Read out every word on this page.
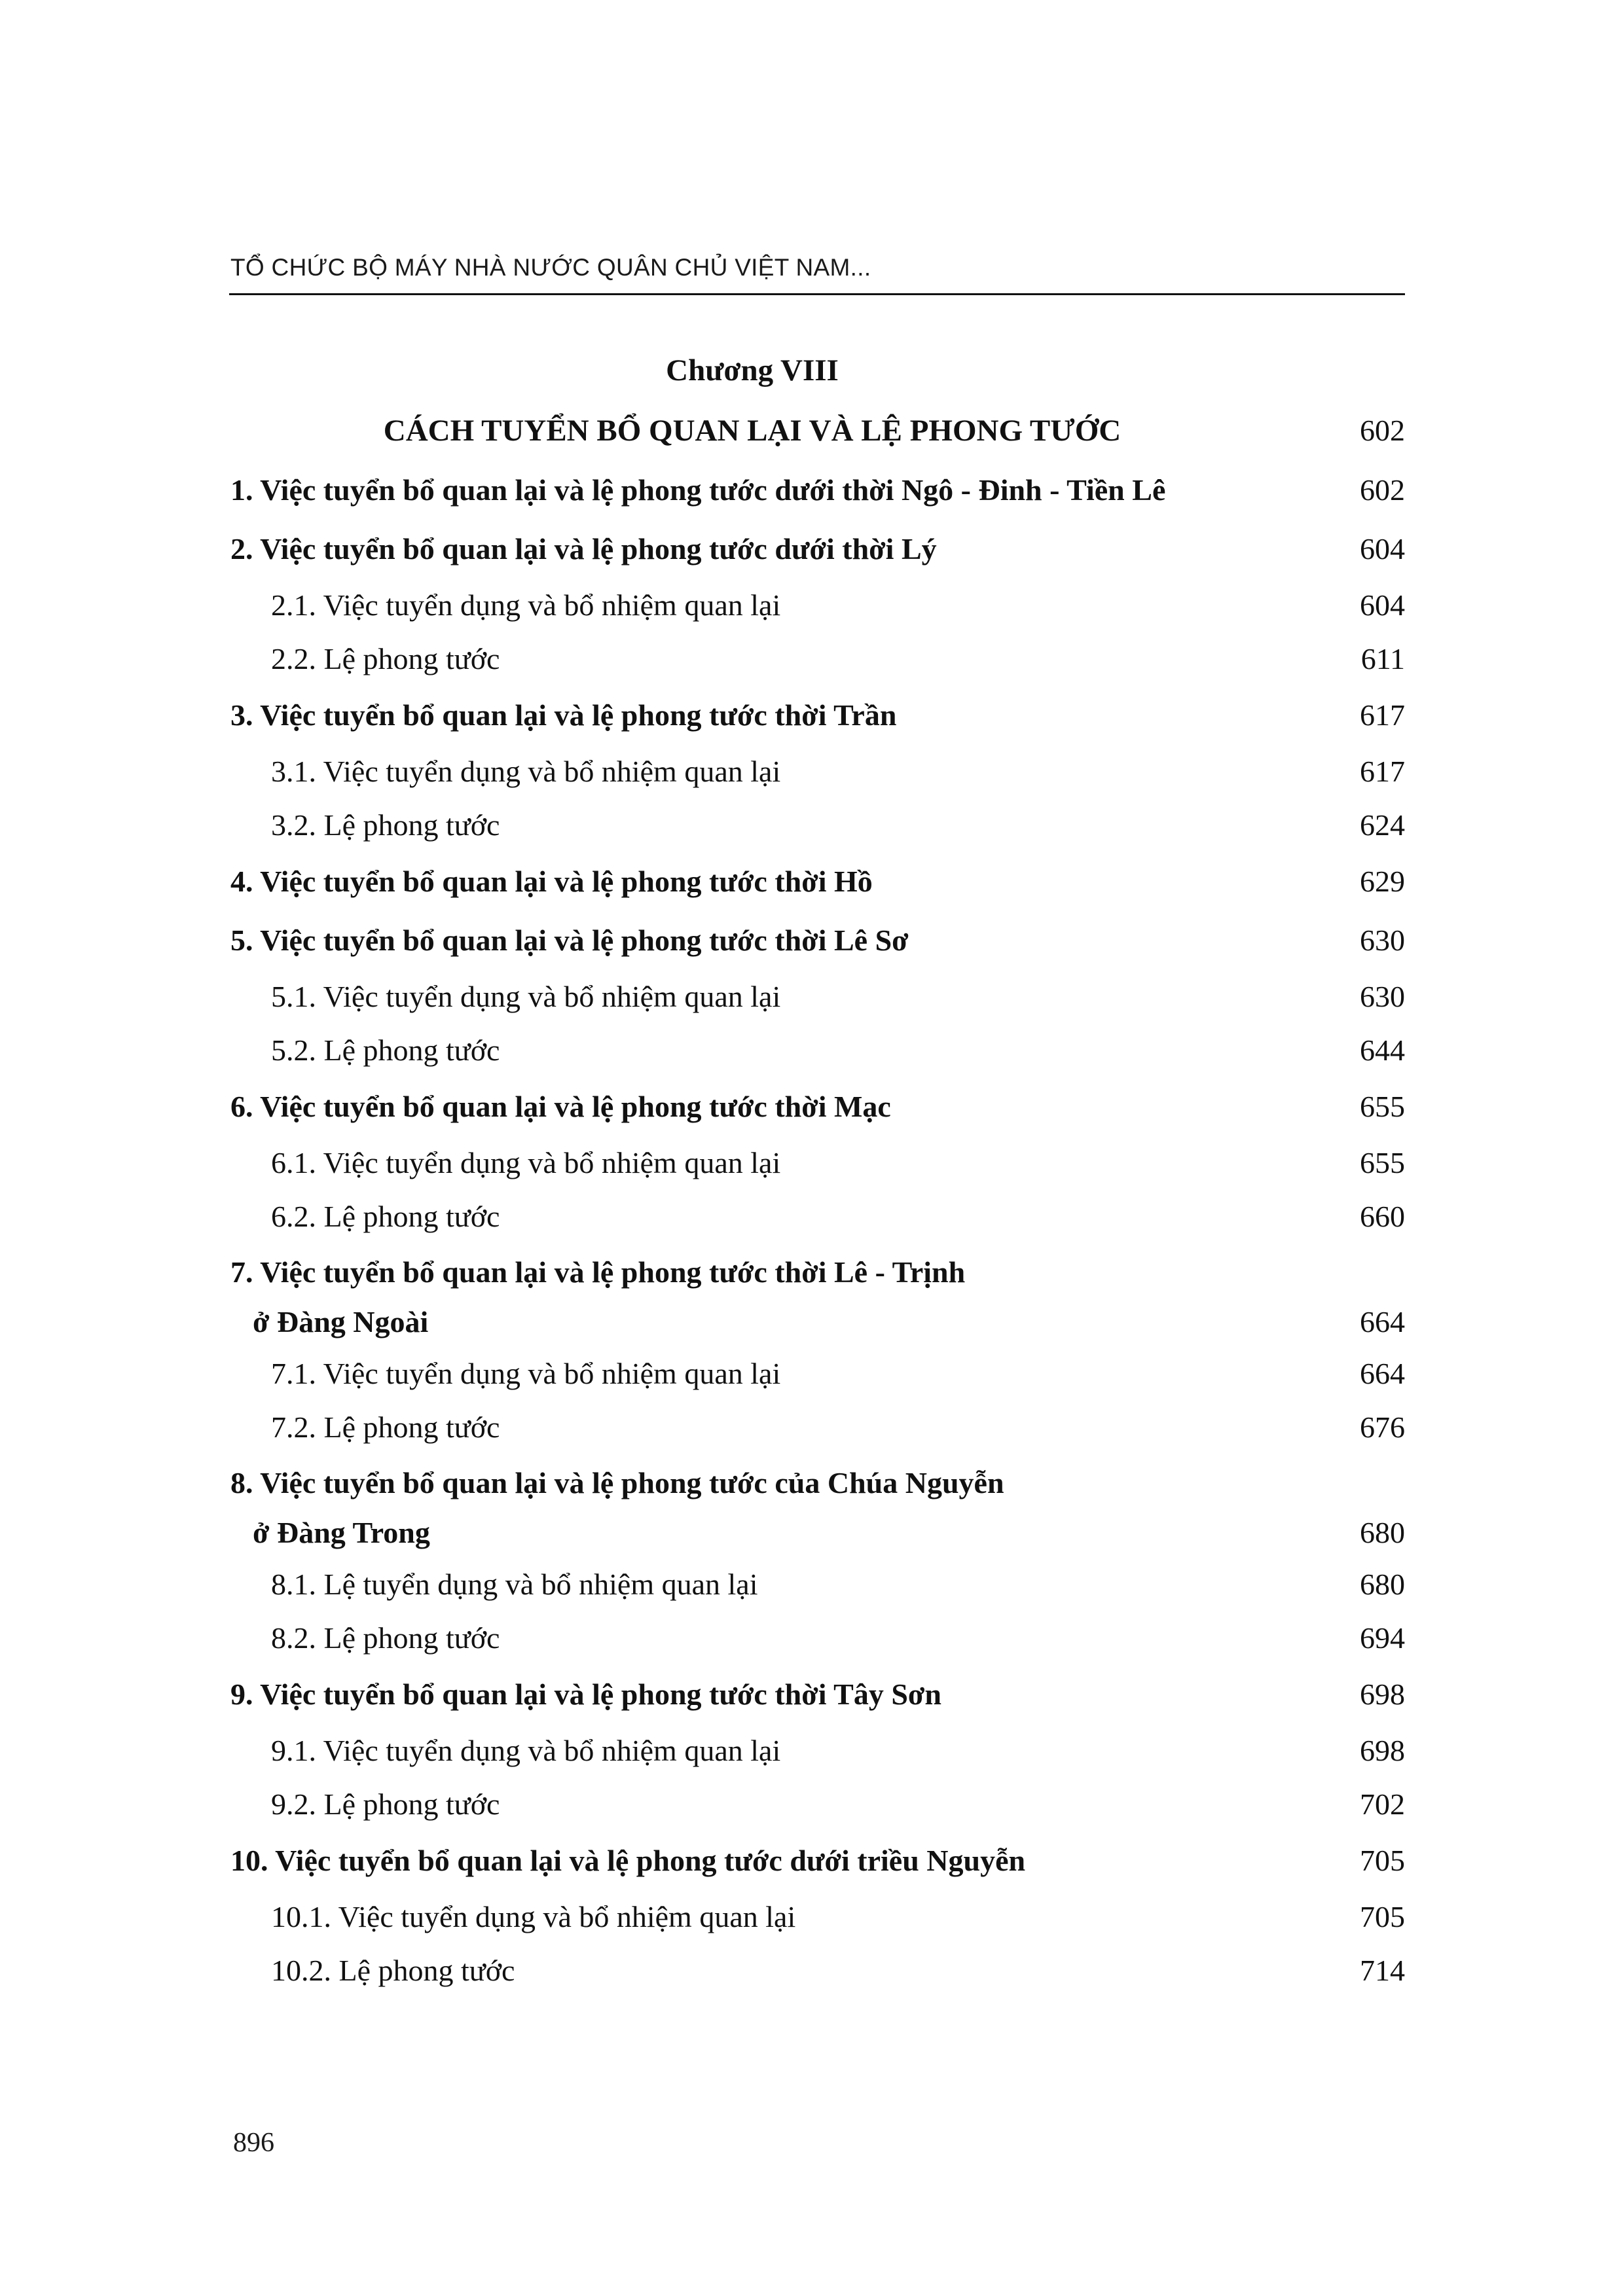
TỔ CHỨC BỘ MÁY NHÀ NƯỚC QUÂN CHỦ VIỆT NAM...
Chương VIII
CÁCH TUYỂN BỔ QUAN LẠI VÀ LỆ PHONG TƯỚC	602
1. Việc tuyển bổ quan lại và lệ phong tước dưới thời Ngô - Đinh - Tiền Lê	602
2. Việc tuyển bổ quan lại và lệ phong tước dưới thời Lý	604
2.1. Việc tuyển dụng và bổ nhiệm quan lại	604
2.2. Lệ phong tước	611
3. Việc tuyển bổ quan lại và lệ phong tước thời Trần	617
3.1. Việc tuyển dụng và bổ nhiệm quan lại	617
3.2. Lệ phong tước	624
4. Việc tuyển bổ quan lại và lệ phong tước thời Hồ	629
5. Việc tuyển bổ quan lại và lệ phong tước thời Lê Sơ	630
5.1. Việc tuyển dụng và bổ nhiệm quan lại	630
5.2. Lệ phong tước	644
6. Việc tuyển bổ quan lại và lệ phong tước thời Mạc	655
6.1. Việc tuyển dụng và bổ nhiệm quan lại	655
6.2. Lệ phong tước	660
7. Việc tuyển bổ quan lại và lệ phong tước thời Lê - Trịnh
ở Đàng Ngoài	664
7.1. Việc tuyển dụng và bổ nhiệm quan lại	664
7.2. Lệ phong tước	676
8. Việc tuyển bổ quan lại và lệ phong tước của Chúa Nguyễn
ở Đàng Trong	680
8.1. Lệ tuyển dụng và bổ nhiệm quan lại	680
8.2. Lệ phong tước	694
9. Việc tuyển bổ quan lại và lệ phong tước thời Tây Sơn	698
9.1. Việc tuyển dụng và bổ nhiệm quan lại	698
9.2. Lệ phong tước	702
10. Việc tuyển bổ quan lại và lệ phong tước dưới triều Nguyễn	705
10.1. Việc tuyển dụng và bổ nhiệm quan lại	705
10.2. Lệ phong tước	714
896
